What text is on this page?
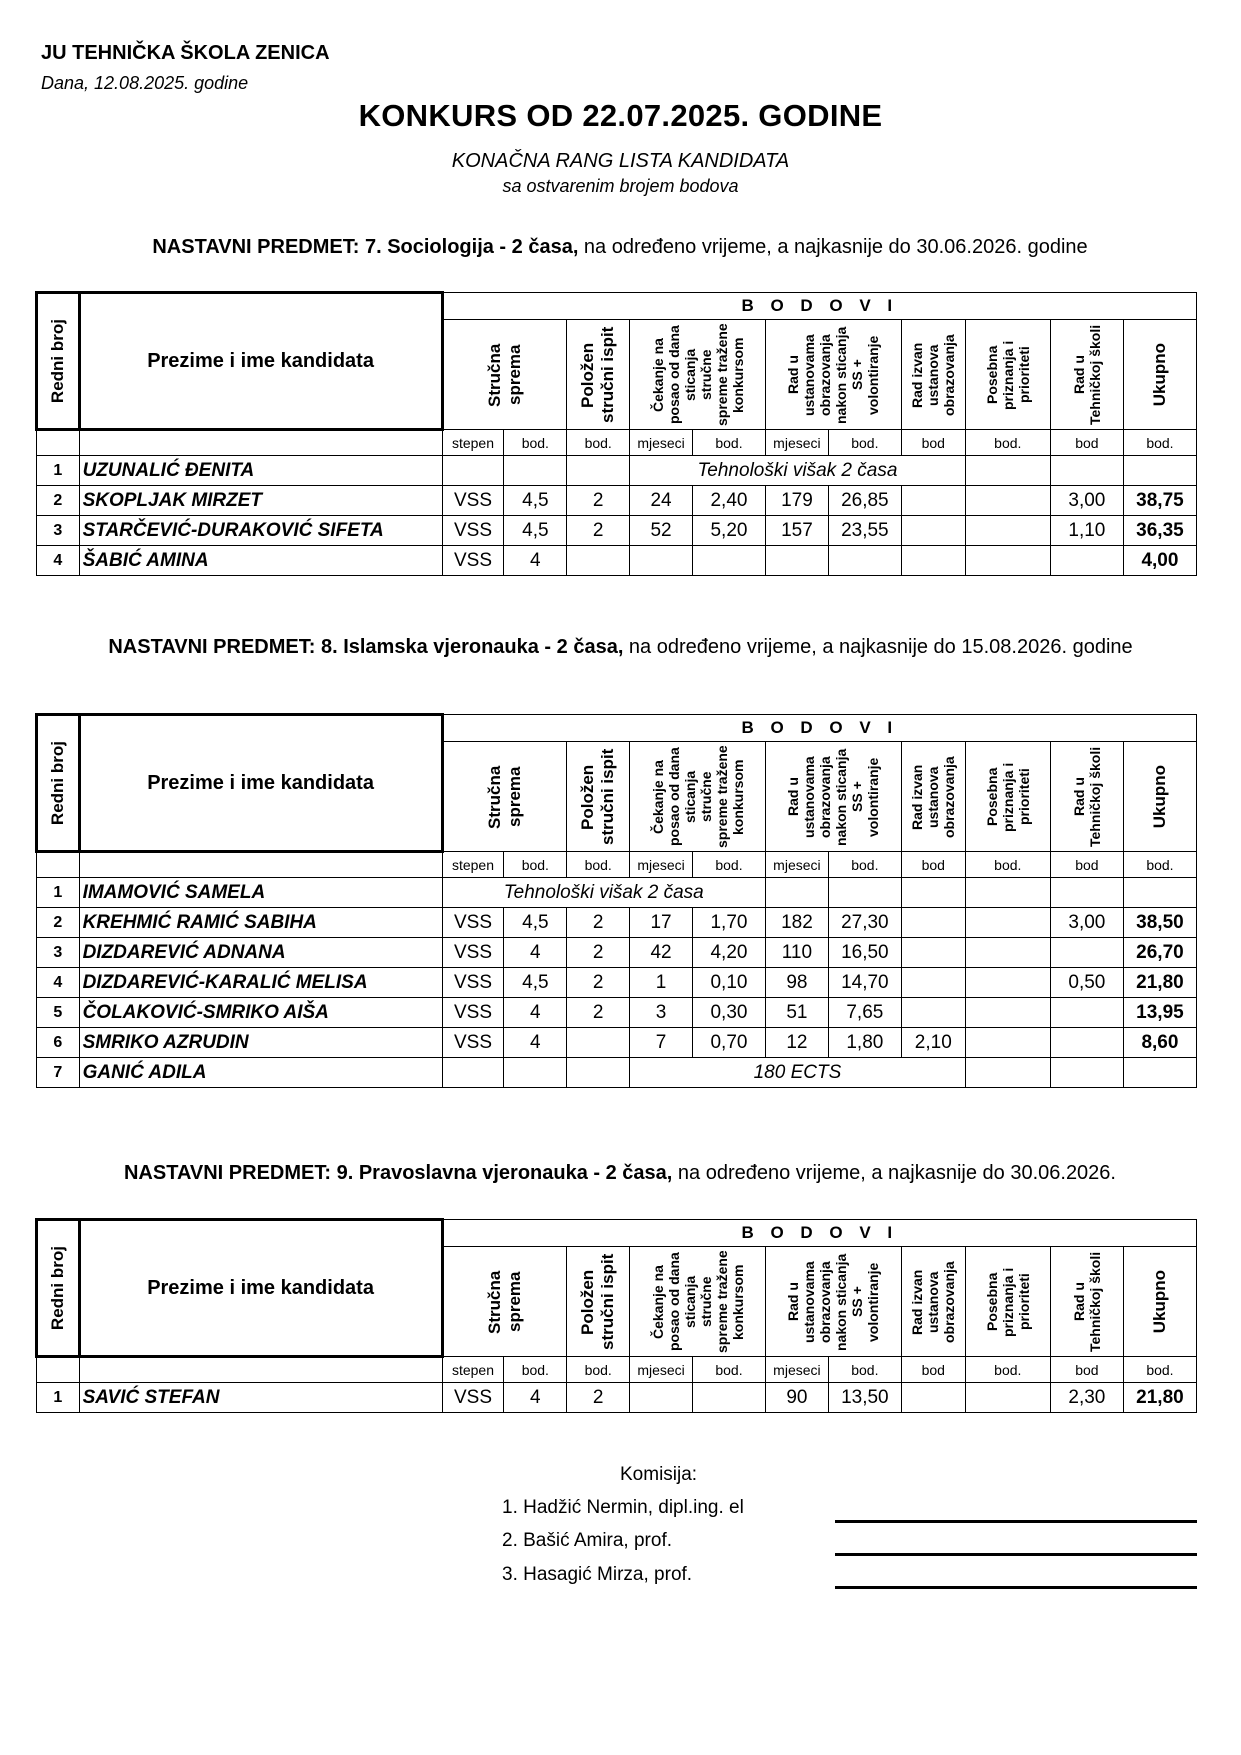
JU TEHNIČKA ŠKOLA ZENICA
Dana, 12.08.2025. godine
KONKURS OD 22.07.2025. GODINE
KONAČNA RANG LISTA KANDIDATA
sa ostvarenim brojem bodova
NASTAVNI PREDMET: 7. Sociologija - 2 časa, na određeno vrijeme, a najkasnije do 30.06.2026. godine
Redni broj	Prezime i ime kandidata	B O D O V I										

		Stručna sprema		Položen stručni ispit	Čekanje na posao od dana sticanja stručne spreme tražene konkursom		Rad u ustanovama obrazovanja nakon sticanja SS + volontiranje		Rad izvan ustanova obrazovanja	Posebna priznanja i prioriteti	Rad u Tehničkoj školi	Ukupno

		stepen	bod.	bod.	mjeseci	bod.	mjeseci	bod.	bod	bod.	bod	bod.
1	UZUNALIĆ ĐENITA				Tehnološki višak 2 časa							
2	SKOPLJAK MIRZET	VSS	4,5	2	24	2,40	179	26,85			3,00	38,75
3	STARČEVIĆ-DURAKOVIĆ SIFETA	VSS	4,5	2	52	5,20	157	23,55			1,10	36,35
4	ŠABIĆ AMINA	VSS	4									4,00
NASTAVNI PREDMET: 8. Islamska vjeronauka - 2 časa, na određeno vrijeme, a najkasnije do 15.08.2026. godine
Redni broj	Prezime i ime kandidata	B O D O V I										

		Stručna sprema		Položen stručni ispit	Čekanje na posao od dana sticanja stručne spreme tražene konkursom		Rad u ustanovama obrazovanja nakon sticanja SS + volontiranje		Rad izvan ustanova obrazovanja	Posebna priznanja i prioriteti	Rad u Tehničkoj školi	Ukupno

		stepen	bod.	bod.	mjeseci	bod.	mjeseci	bod.	bod	bod.	bod	bod.
1	IMAMOVIĆ SAMELA	Tehnološki višak 2 časa										
2	KREHMIĆ RAMIĆ SABIHA	VSS	4,5	2	17	1,70	182	27,30			3,00	38,50
3	DIZDAREVIĆ ADNANA	VSS	4	2	42	4,20	110	16,50				26,70
4	DIZDAREVIĆ-KARALIĆ MELISA	VSS	4,5	2	1	0,10	98	14,70			0,50	21,80
5	ČOLAKOVIĆ-SMRIKO AIŠA	VSS	4	2	3	0,30	51	7,65				13,95
6	SMRIKO AZRUDIN	VSS	4		7	0,70	12	1,80	2,10			8,60
7	GANIĆ ADILA				180 ECTS							
NASTAVNI PREDMET: 9. Pravoslavna vjeronauka - 2 časa, na određeno vrijeme, a najkasnije do 30.06.2026.
Redni broj	Prezime i ime kandidata	B O D O V I										

		Stručna sprema		Položen stručni ispit	Čekanje na posao od dana sticanja stručne spreme tražene konkursom		Rad u ustanovama obrazovanja nakon sticanja SS + volontiranje		Rad izvan ustanova obrazovanja	Posebna priznanja i prioriteti	Rad u Tehničkoj školi	Ukupno

		stepen	bod.	bod.	mjeseci	bod.	mjeseci	bod.	bod	bod.	bod	bod.
1	SAVIĆ STEFAN	VSS	4	2			90	13,50			2,30	21,80
Komisija:
1. Hadžić Nermin, dipl.ing. el
2. Bašić Amira, prof.
3. Hasagić Mirza, prof.
